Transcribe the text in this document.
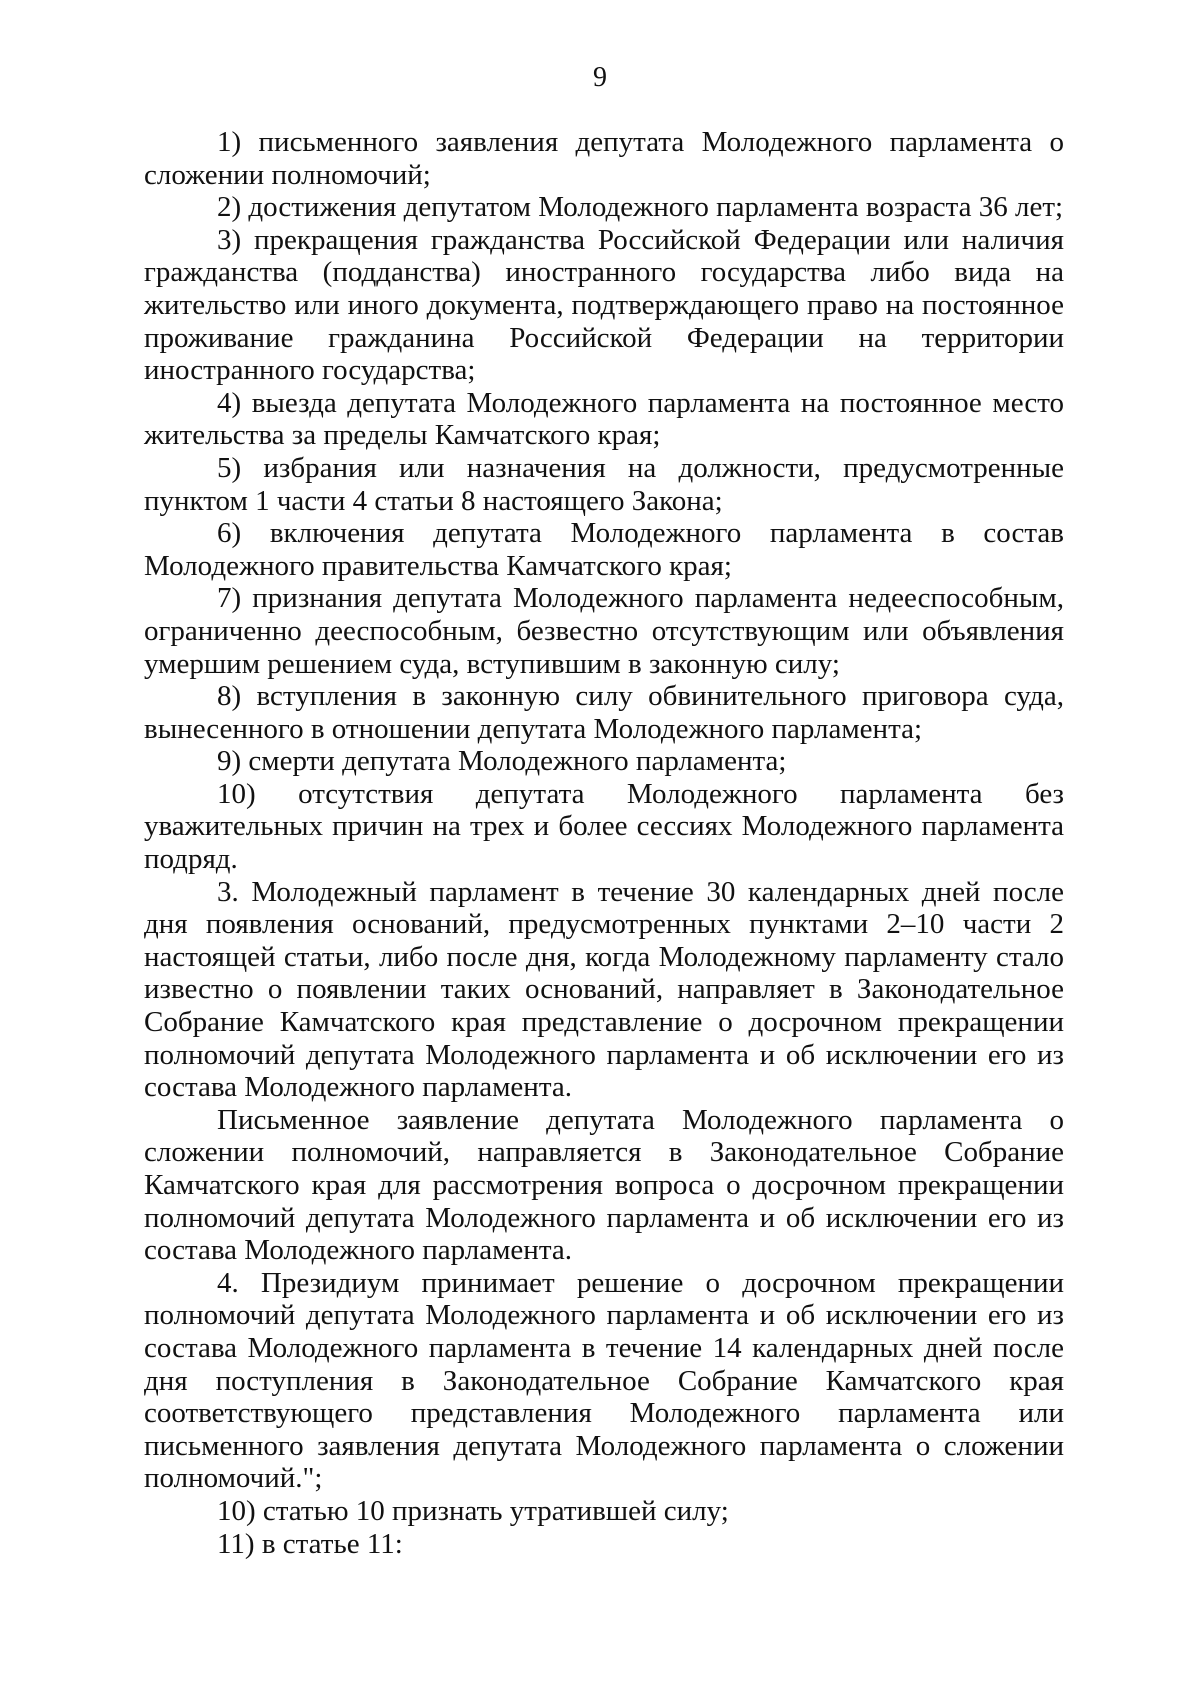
9

1) письменного заявления депутата Молодежного парламента о сложении полномочий;

2) достижения депутатом Молодежного парламента возраста 36 лет;

3) прекращения гражданства Российской Федерации или наличия гражданства (подданства) иностранного государства либо вида на жительство или иного документа, подтверждающего право на постоянное проживание гражданина Российской Федерации на территории иностранного государства;

4) выезда депутата Молодежного парламента на постоянное место жительства за пределы Камчатского края;

5) избрания или назначения на должности, предусмотренные пунктом 1 части 4 статьи 8 настоящего Закона;

6) включения депутата Молодежного парламента в состав Молодежного правительства Камчатского края;

7) признания депутата Молодежного парламента недееспособным, ограниченно дееспособным, безвестно отсутствующим или объявления умершим решением суда, вступившим в законную силу;

8) вступления в законную силу обвинительного приговора суда, вынесенного в отношении депутата Молодежного парламента;

9) смерти депутата Молодежного парламента;

10) отсутствия депутата Молодежного парламента без уважительных причин на трех и более сессиях Молодежного парламента подряд.

3. Молодежный парламент в течение 30 календарных дней после дня появления оснований, предусмотренных пунктами 2–10 части 2 настоящей статьи, либо после дня, когда Молодежному парламенту стало известно о появлении таких оснований, направляет в Законодательное Собрание Камчатского края представление о досрочном прекращении полномочий депутата Молодежного парламента и об исключении его из состава Молодежного парламента.

Письменное заявление депутата Молодежного парламента о сложении полномочий, направляется в Законодательное Собрание Камчатского края для рассмотрения вопроса о досрочном прекращении полномочий депутата Молодежного парламента и об исключении его из состава Молодежного парламента.

4. Президиум принимает решение о досрочном прекращении полномочий депутата Молодежного парламента и об исключении его из состава Молодежного парламента в течение 14 календарных дней после дня поступления в Законодательное Собрание Камчатского края соответствующего представления Молодежного парламента или письменного заявления депутата Молодежного парламента о сложении полномочий.";

10) статью 10 признать утратившей силу;

11) в статье 11:
